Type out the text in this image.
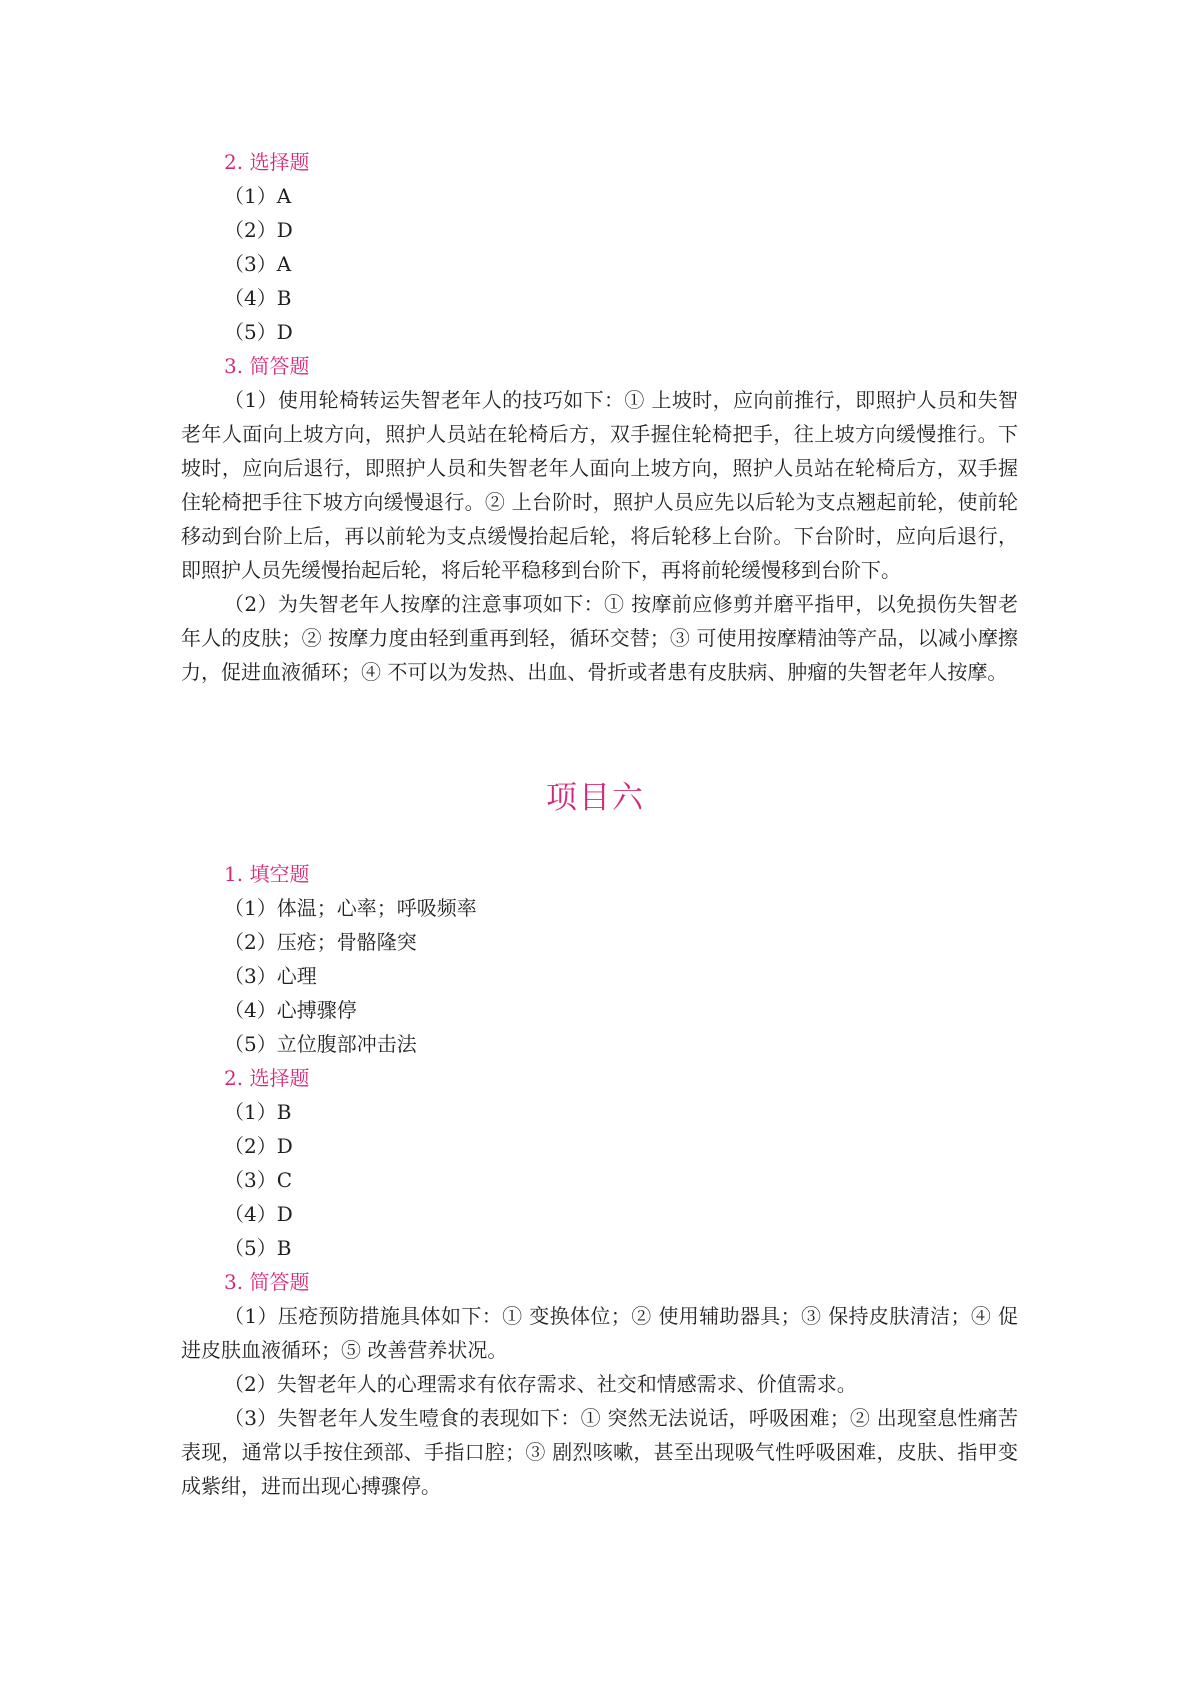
2. 选择题
（1）A
（2）D
（3）A
（4）B
（5）D
3. 简答题

（1）使用轮椅转运失智老年人的技巧如下：① 上坡时，应向前推行，即照护人员和失智老年人面向上坡方向，照护人员站在轮椅后方，双手握住轮椅把手，往上坡方向缓慢推行。下坡时，应向后退行，即照护人员和失智老年人面向上坡方向，照护人员站在轮椅后方，双手握住轮椅把手往下坡方向缓慢退行。② 上台阶时，照护人员应先以后轮为支点翘起前轮，使前轮移动到台阶上后，再以前轮为支点缓慢抬起后轮，将后轮移上台阶。下台阶时，应向后退行，即照护人员先缓慢抬起后轮，将后轮平稳移到台阶下，再将前轮缓慢移到台阶下。

（2）为失智老年人按摩的注意事项如下：① 按摩前应修剪并磨平指甲，以免损伤失智老年人的皮肤；② 按摩力度由轻到重再到轻，循环交替；③ 可使用按摩精油等产品，以减小摩擦力，促进血液循环；④ 不可以为发热、出血、骨折或者患有皮肤病、肿瘤的失智老年人按摩。

项目六
1. 填空题
（1）体温；心率；呼吸频率
（2）压疮；骨骼隆突
（3）心理
（4）心搏骤停
（5）立位腹部冲击法
2. 选择题
（1）B
（2）D
（3）C
（4）D
（5）B
3. 简答题

（1）压疮预防措施具体如下：① 变换体位；② 使用辅助器具；③ 保持皮肤清洁；④ 促进皮肤血液循环；⑤ 改善营养状况。

（2）失智老年人的心理需求有依存需求、社交和情感需求、价值需求。

（3）失智老年人发生噎食的表现如下：① 突然无法说话，呼吸困难；② 出现窒息性痛苦表现，通常以手按住颈部、手指口腔；③ 剧烈咳嗽，甚至出现吸气性呼吸困难，皮肤、指甲变成紫绀，进而出现心搏骤停。
